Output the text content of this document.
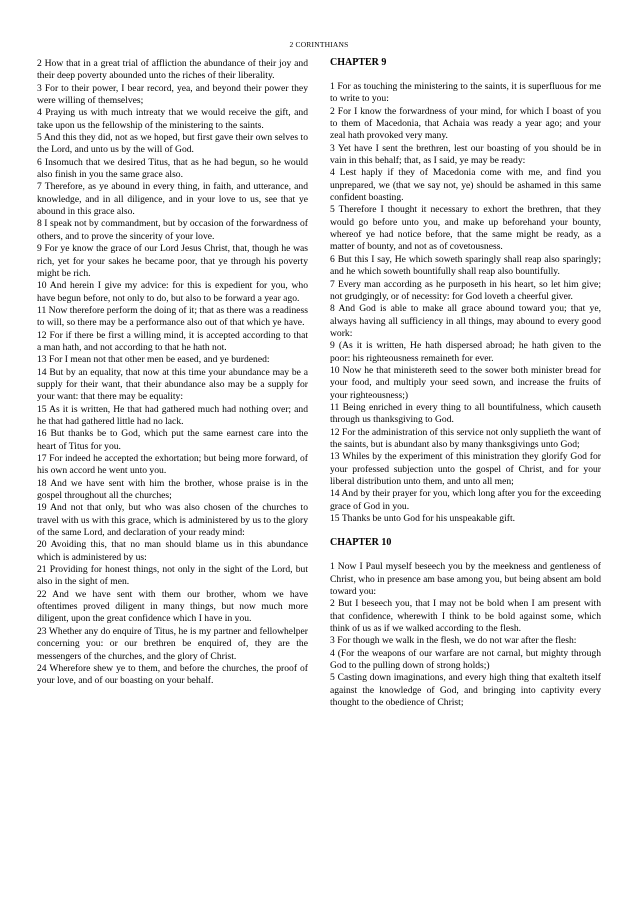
2 CORINTHIANS

2 How that in a great trial of affliction the abundance of their joy and their deep poverty abounded unto the riches of their liberality.

3 For to their power, I bear record, yea, and beyond their power they were willing of themselves;

4 Praying us with much intreaty that we would receive the gift, and take upon us the fellowship of the ministering to the saints.

5 And this they did, not as we hoped, but first gave their own selves to the Lord, and unto us by the will of God.

6 Insomuch that we desired Titus, that as he had begun, so he would also finish in you the same grace also.

7 Therefore, as ye abound in every thing, in faith, and utterance, and knowledge, and in all diligence, and in your love to us, see that ye abound in this grace also.

8 I speak not by commandment, but by occasion of the forwardness of others, and to prove the sincerity of your love.

9 For ye know the grace of our Lord Jesus Christ, that, though he was rich, yet for your sakes he became poor, that ye through his poverty might be rich.

10 And herein I give my advice: for this is expedient for you, who have begun before, not only to do, but also to be forward a year ago.

11 Now therefore perform the doing of it; that as there was a readiness to will, so there may be a performance also out of that which ye have.

12 For if there be first a willing mind, it is accepted according to that a man hath, and not according to that he hath not.

13 For I mean not that other men be eased, and ye burdened:

14 But by an equality, that now at this time your abundance may be a supply for their want, that their abundance also may be a supply for your want: that there may be equality:

15 As it is written, He that had gathered much had nothing over; and he that had gathered little had no lack.

16 But thanks be to God, which put the same earnest care into the heart of Titus for you.

17 For indeed he accepted the exhortation; but being more forward, of his own accord he went unto you.

18 And we have sent with him the brother, whose praise is in the gospel throughout all the churches;

19 And not that only, but who was also chosen of the churches to travel with us with this grace, which is administered by us to the glory of the same Lord, and declaration of your ready mind:

20 Avoiding this, that no man should blame us in this abundance which is administered by us:

21 Providing for honest things, not only in the sight of the Lord, but also in the sight of men.

22 And we have sent with them our brother, whom we have oftentimes proved diligent in many things, but now much more diligent, upon the great confidence which I have in you.

23 Whether any do enquire of Titus, he is my partner and fellowhelper concerning you: or our brethren be enquired of, they are the messengers of the churches, and the glory of Christ.

24 Wherefore shew ye to them, and before the churches, the proof of your love, and of our boasting on your behalf.

CHAPTER 9

1 For as touching the ministering to the saints, it is superfluous for me to write to you:

2 For I know the forwardness of your mind, for which I boast of you to them of Macedonia, that Achaia was ready a year ago; and your zeal hath provoked very many.

3 Yet have I sent the brethren, lest our boasting of you should be in vain in this behalf; that, as I said, ye may be ready:

4 Lest haply if they of Macedonia come with me, and find you unprepared, we (that we say not, ye) should be ashamed in this same confident boasting.

5 Therefore I thought it necessary to exhort the brethren, that they would go before unto you, and make up beforehand your bounty, whereof ye had notice before, that the same might be ready, as a matter of bounty, and not as of covetousness.

6 But this I say, He which soweth sparingly shall reap also sparingly; and he which soweth bountifully shall reap also bountifully.

7 Every man according as he purposeth in his heart, so let him give; not grudgingly, or of necessity: for God loveth a cheerful giver.

8 And God is able to make all grace abound toward you; that ye, always having all sufficiency in all things, may abound to every good work:

9 (As it is written, He hath dispersed abroad; he hath given to the poor: his righteousness remaineth for ever.

10 Now he that ministereth seed to the sower both minister bread for your food, and multiply your seed sown, and increase the fruits of your righteousness;)

11 Being enriched in every thing to all bountifulness, which causeth through us thanksgiving to God.

12 For the administration of this service not only supplieth the want of the saints, but is abundant also by many thanksgivings unto God;

13 Whiles by the experiment of this ministration they glorify God for your professed subjection unto the gospel of Christ, and for your liberal distribution unto them, and unto all men;

14 And by their prayer for you, which long after you for the exceeding grace of God in you.

15 Thanks be unto God for his unspeakable gift.

CHAPTER 10

1 Now I Paul myself beseech you by the meekness and gentleness of Christ, who in presence am base among you, but being absent am bold toward you:

2 But I beseech you, that I may not be bold when I am present with that confidence, wherewith I think to be bold against some, which think of us as if we walked according to the flesh.

3 For though we walk in the flesh, we do not war after the flesh:

4 (For the weapons of our warfare are not carnal, but mighty through God to the pulling down of strong holds;)

5 Casting down imaginations, and every high thing that exalteth itself against the knowledge of God, and bringing into captivity every thought to the obedience of Christ;
